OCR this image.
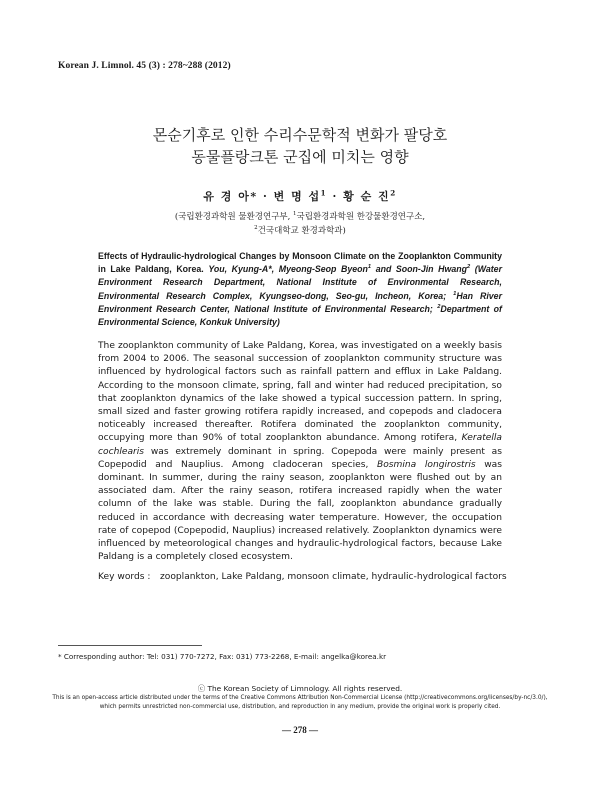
Korean J. Limnol. 45 (3) : 278~288 (2012)
몬순기후로 인한 수리수문학적 변화가 팔당호
동물플랑크톤 군집에 미치는 영향
유 경 아* · 변 명 섭$^1$ · 황 순 진$^2$
(국립환경과학원 물환경연구부, $^1$국립환경과학원 한강물환경연구소,
$^2$건국대학교 환경과학과)
Effects of Hydraulic-hydrological Changes by Monsoon Climate on the Zooplankton Community in Lake Paldang, Korea. You, Kyung-A*, Myeong-Seop Byeon$^1$ and Soon-Jin Hwang$^2$ (Water Environment Research Department, National Institute of Environmental Research, Environmental Research Complex, Kyungseo-dong, Seo-gu, Incheon, Korea; $^1$Han River Environment Research Center, National Institute of Environmental Research; $^2$Department of Environmental Science, Konkuk University)
The zooplankton community of Lake Paldang, Korea, was investigated on a weekly basis from 2004 to 2006. The seasonal succession of zooplankton community structure was influenced by hydrological factors such as rainfall pattern and efflux in Lake Paldang. According to the monsoon climate, spring, fall and winter had reduced precipitation, so that zooplankton dynamics of the lake showed a typical succession pattern. In spring, small sized and faster growing rotifera rapidly increased, and copepods and cladocera noticeably increased thereafter. Rotifera dominated the zooplankton community, occupying more than 90% of total zooplankton abundance. Among rotifera, Keratella cochlearis was extremely dominant in spring. Copepoda were mainly present as Copepodid and Nauplius. Among cladoceran species, Bosmina longirostris was dominant. In summer, during the rainy season, zooplankton were flushed out by an associated dam. After the rainy season, rotifera increased rapidly when the water column of the lake was stable. During the fall, zooplankton abundance gradually reduced in accordance with decreasing water temperature. However, the occupation rate of copepod (Copepodid, Nauplius) increased relatively. Zooplankton dynamics were influenced by meteorological changes and hydraulic-hydrological factors, because Lake Paldang is a completely closed ecosystem.
Key words : zooplankton, Lake Paldang, monsoon climate, hydraulic-hydrological factors
* Corresponding author: Tel: 031) 770-7272, Fax: 031) 773-2268, E-mail: angelka@korea.kr
ⓒ The Korean Society of Limnology. All rights reserved.
This is an open-access article distributed under the terms of the Creative Commons Attribution Non-Commercial License (http://creativecommons.org/licenses/by-nc/3.0/),
which permits unrestricted non-commercial use, distribution, and reproduction in any medium, provide the original work is properly cited.
— 278 —
